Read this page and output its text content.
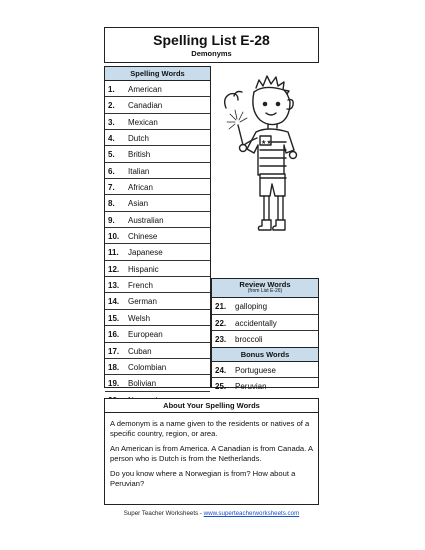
Spelling List E-28
Demonyms
Spelling Words
1. American
2. Canadian
3. Mexican
4. Dutch
5. British
6. Italian
7. African
8. Asian
9. Australian
10. Chinese
11. Japanese
12. Hispanic
13. French
14. German
15. Welsh
16. European
17. Cuban
18. Colombian
19. Bolivian
★★
Review Words
(from List E-26)
21. galloping
22. accidentally
23. broccoli
Bonus Words
24. Portuguese
25. Peruvian
About Your Spelling Words

A demonym is a name given to the residents or natives of a specific country, region, or area.

An American is from America. A Canadian is from Canada. A person who is Dutch is from the Netherlands.

Do you know where a Norwegian is from? How about a Peruvian?

Super Teacher Worksheets - www.superteacherworksheets.com
